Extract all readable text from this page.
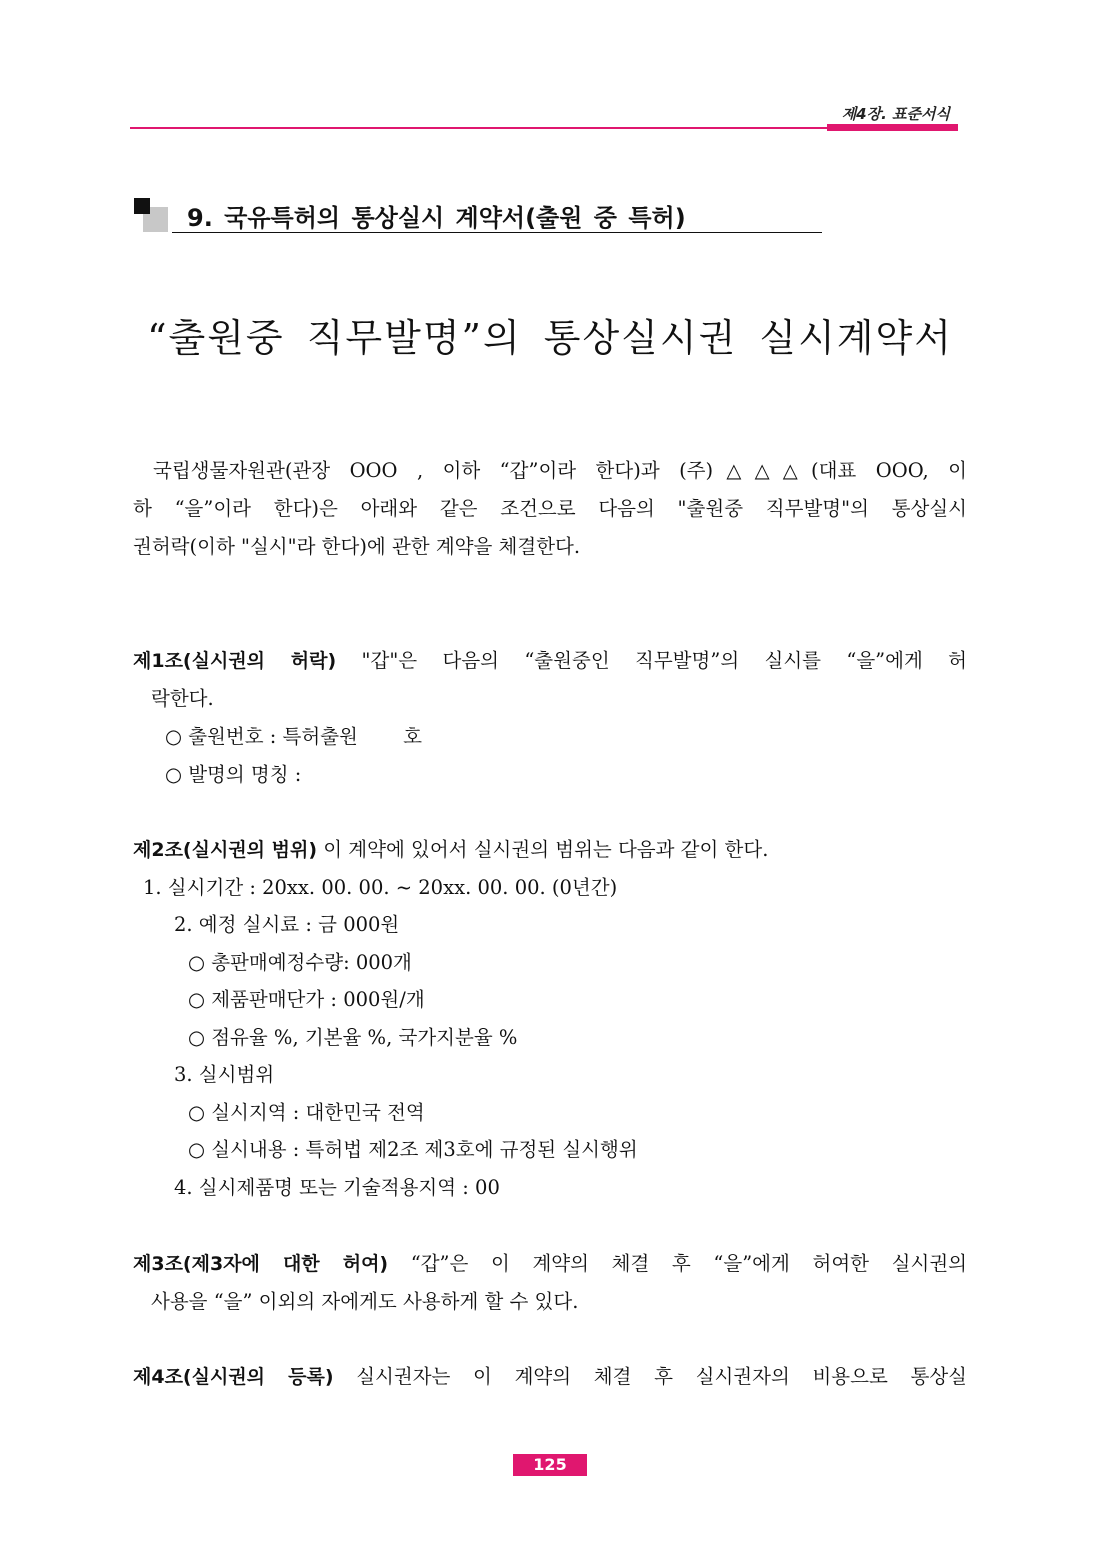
제4장. 표준서식
9. 국유특허의 통상실시 계약서(출원 중 특허)
“출원중 직무발명”의 통상실시권 실시계약서
국립생물자원관(관장 OOO , 이하 “갑”이라 한다)과 (주)△△△(대표 OOO, 이
하 “을”이라 한다)은 아래와 같은 조건으로 다음의 "출원중 직무발명"의 통상실시
권허락(이하 "실시"라 한다)에 관한 계약을 체결한다.
제1조(실시권의 허락) "갑"은 다음의 “출원중인 직무발명”의 실시를 “을”에게 허
락한다.
○ 출원번호 : 특허출원 　　호
○ 발명의 명칭 :
제2조(실시권의 범위) 이 계약에 있어서 실시권의 범위는 다음과 같이 한다.
1. 실시기간 : 20xx. 00. 00. ~ 20xx. 00. 00. (0년간)
2. 예정 실시료 : 금 000원
○ 총판매예정수량: 000개
○ 제품판매단가 : 000원/개
○ 점유율 %, 기본율 %, 국가지분율 %
3. 실시범위
○ 실시지역 : 대한민국 전역
○ 실시내용 : 특허법 제2조 제3호에 규정된 실시행위
4. 실시제품명 또는 기술적용지역 : 00
제3조(제3자에 대한 허여) “갑”은 이 계약의 체결 후 “을”에게 허여한 실시권의
사용을 “을” 이외의 자에게도 사용하게 할 수 있다.
제4조(실시권의 등록) 실시권자는 이 계약의 체결 후 실시권자의 비용으로 통상실
125
